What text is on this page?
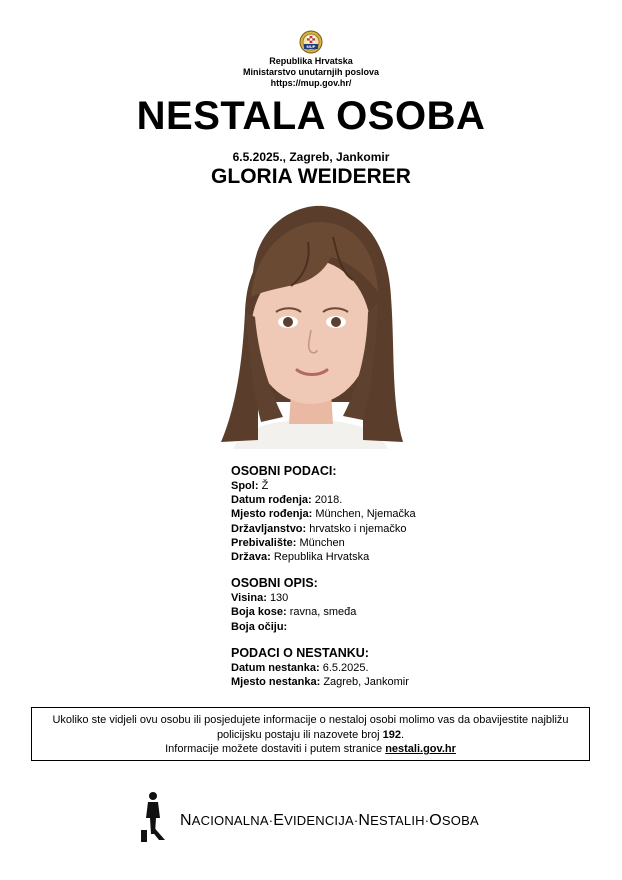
MUP
Republika Hrvatska
Ministarstvo unutarnjih poslova
https://mup.gov.hr/
NESTALA OSOBA
6.5.2025., Zagreb, Jankomir
GLORIA WEIDERER
OSOBNI PODACI:
Spol: Ž
Datum rođenja: 2018.
Mjesto rođenja: München, Njemačka
Državljanstvo: hrvatsko i njemačko
Prebivalište: München
Država: Republika Hrvatska
OSOBNI OPIS:
Visina: 130
Boja kose: ravna, smeđa
Boja očiju:
PODACI O NESTANKU:
Datum nestanka: 6.5.2025.
Mjesto nestanka: Zagreb, Jankomir
Ukoliko ste vidjeli ovu osobu ili posjedujete informacije o nestaloj osobi molimo vas da obavijestite najbližu
policijsku postaju ili nazovete broj 192.
Informacije možete dostaviti i putem stranice nestali.gov.hr
NACIONALNA·EVIDENCIJA·NESTALIH·OSOBA
